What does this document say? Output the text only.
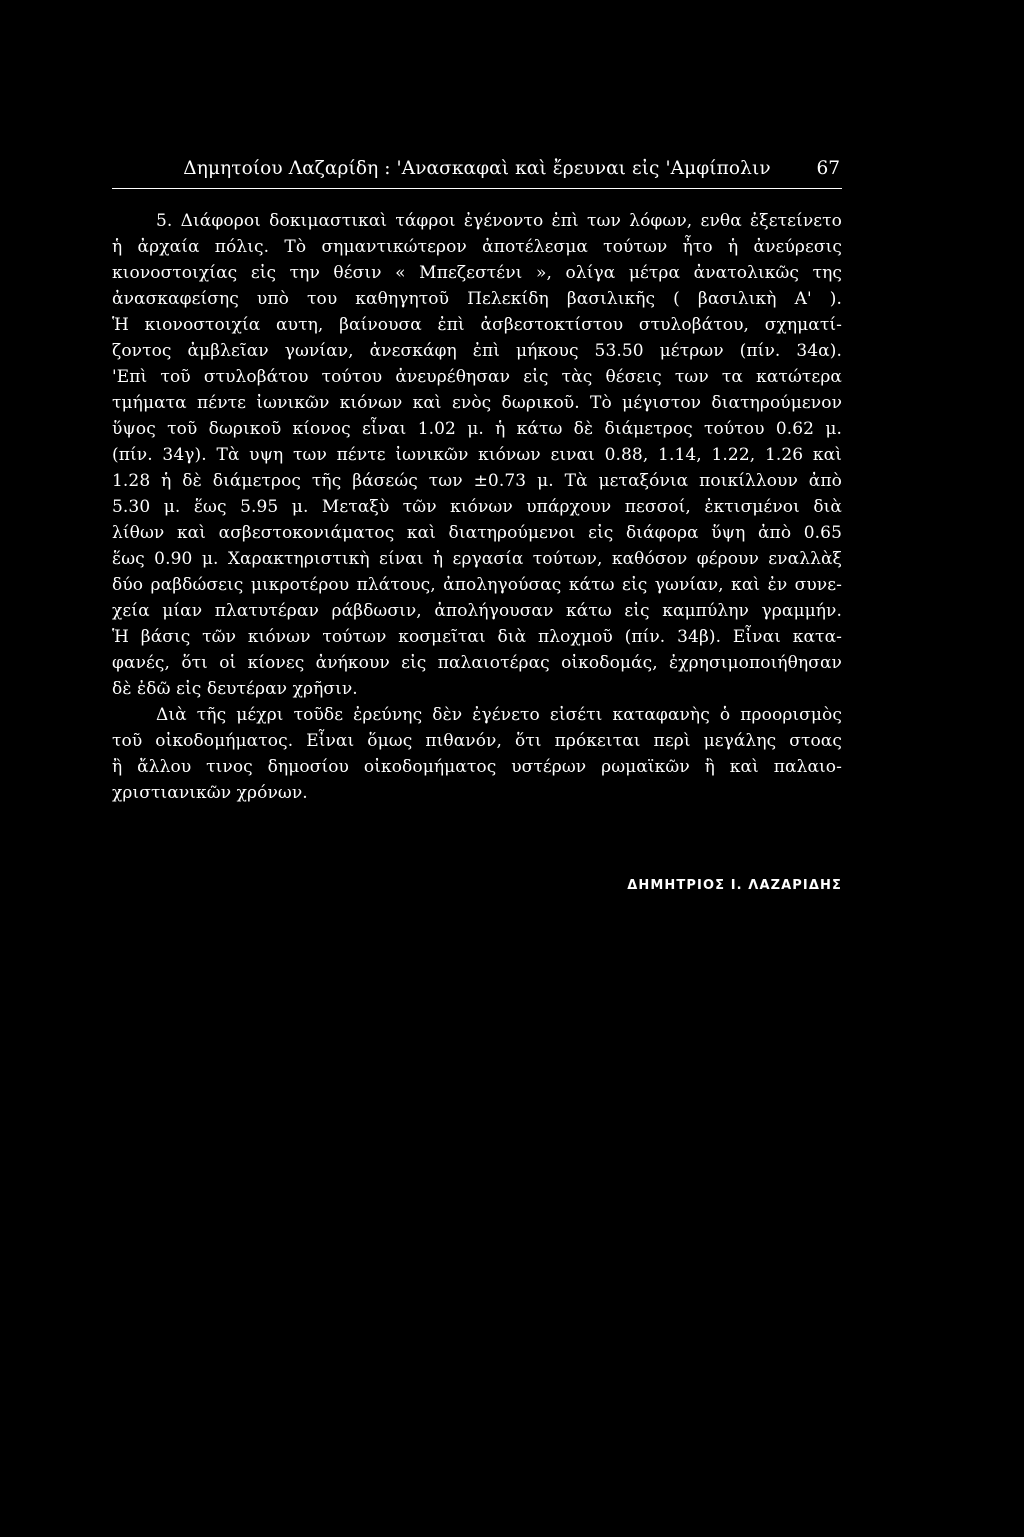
Δημητοίου Λαζαρίδη : 'Ανασκαφαὶ καὶ ἔρευναι εἰς 'Αμφίπολιν	67
5. Διάφοροι δοκιμαστικαὶ τάφροι ἐγένοντο ἐπὶ των λόφων, ενθα ἐξετείνετο
ἡ ἀρχαία πόλις. Τὸ σημαντικώτερον ἀποτέλεσμα τούτων ἦτο ἡ ἀνεύρεσις
κιονοστοιχίας εἰς την θέσιν « Μπεζεστένι », ολίγα μέτρα ἀνατολικῶς της
ἀνασκαφείσης υπὸ του καθηγητοῦ Πελεκίδη βασιλικῆς ( βασιλικὴ Α' ).
Ἡ κιονοστοιχία αυτη, βαίνουσα ἐπὶ ἀσβεστοκτίστου στυλοβάτου, σχηματί-
ζοντος ἀμβλεῖαν γωνίαν, ἀνεσκάφη ἐπὶ μήκους 53.50 μέτρων (πίν. 34α).
'Επὶ τοῦ στυλοβάτου τούτου ἀνευρέθησαν εἰς τὰς θέσεις των τα κατώτερα
τμήματα πέντε ἰωνικῶν κιόνων καὶ ενὸς δωρικοῦ. Τὸ μέγιστον διατηρούμενον
ὕψος τοῦ δωρικοῦ κίονος εἶναι 1.02 μ. ἡ κάτω δὲ διάμετρος τούτου 0.62 μ.
(πίν. 34γ). Τὰ υψη των πέντε ἰωνικῶν κιόνων ειναι 0.88, 1.14, 1.22, 1.26 καὶ
1.28 ἡ δὲ διάμετρος τῆς βάσεώς των ±0.73 μ. Τὰ μεταξόνια ποικίλλουν ἀπὸ
5.30 μ. ἕως 5.95 μ. Μεταξὺ τῶν κιόνων υπάρχουν πεσσοί, ἐκτισμένοι διὰ
λίθων καὶ ασβεστοκονιάματος καὶ διατηρούμενοι εἰς διάφορα ὕψη ἀπὸ 0.65
ἕως 0.90 μ. Χαρακτηριστικὴ είναι ἡ εργασία τούτων, καθόσον φέρουν εναλλὰξ
δύο ραβδώσεις μικροτέρου πλάτους, ἀποληγούσας κάτω εἰς γωνίαν, καὶ ἐν συνε-
χεία μίαν πλατυτέραν ράβδωσιν, ἀπολήγουσαν κάτω εἰς καμπύλην γραμμήν.
Ἡ βάσις τῶν κιόνων τούτων κοσμεῖται διὰ πλοχμοῦ (πίν. 34β). Εἶναι κατα-
φανές, ὅτι οἱ κίονες ἀνήκουν εἰς παλαιοτέρας οἰκοδομάς, ἐχρησιμοποιήθησαν
δὲ ἐδῶ εἰς δευτέραν χρῆσιν.
Διὰ τῆς μέχρι τοῦδε ἐρεύνης δὲν ἐγένετο εἰσέτι καταφανὴς ὁ προορισμὸς
τοῦ οἰκοδομήματος. Εἶναι ὅμως πιθανόν, ὅτι πρόκειται περὶ μεγάλης στοας
ἢ ἄλλου τινος δημοσίου οἰκοδομήματος υστέρων ρωμαϊκῶν ἢ καὶ παλαιο-
χριστιανικῶν χρόνων.
ΔΗΜΗΤΡΙΟΣ Ι. ΛΑΖΑΡΙΔΗΣ
